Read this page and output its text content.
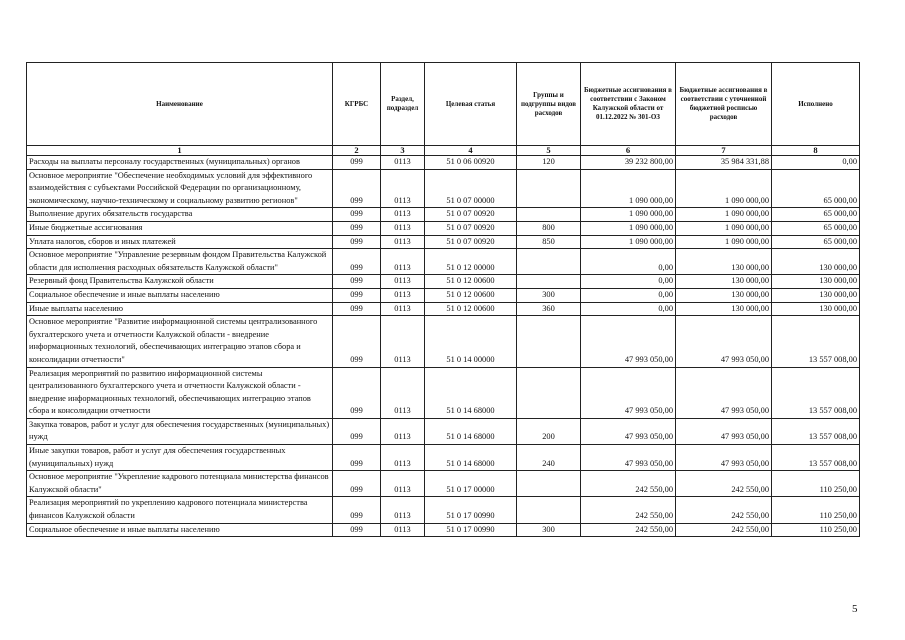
Наименование	КГРБС	Раздел, подраздел	Целевая статья	Группы и подгруппы видов расходов	Бюджетные ассигнования в соответствии с Законом Калужской области от 01.12.2022 № 301-ОЗ	Бюджетные ассигнования в соответствии с уточненной бюджетной росписью расходов	Исполнено
1	2	3	4	5	6	7	8
Расходы на выплаты персоналу государственных (муниципальных) органов	099	0113	51 0 06 00920	120	39 232 800,00	35 984 331,88	0,00
Основное мероприятие "Обеспечение необходимых условий для эффективного взаимодействия с субъектами Российской Федерации по организационному, экономическому, научно-техническому и социальному развитию регионов"	099	0113	51 0 07 00000		1 090 000,00	1 090 000,00	65 000,00
Выполнение других обязательств государства	099	0113	51 0 07 00920		1 090 000,00	1 090 000,00	65 000,00
Иные бюджетные ассигнования	099	0113	51 0 07 00920	800	1 090 000,00	1 090 000,00	65 000,00
Уплата налогов, сборов и иных платежей	099	0113	51 0 07 00920	850	1 090 000,00	1 090 000,00	65 000,00
Основное мероприятие "Управление резервным фондом Правительства Калужской области для исполнения расходных обязательств Калужской области"	099	0113	51 0 12 00000		0,00	130 000,00	130 000,00
Резервный фонд Правительства Калужской области	099	0113	51 0 12 00600		0,00	130 000,00	130 000,00
Социальное обеспечение и иные выплаты населению	099	0113	51 0 12 00600	300	0,00	130 000,00	130 000,00
Иные выплаты населению	099	0113	51 0 12 00600	360	0,00	130 000,00	130 000,00
Основное мероприятие "Развитие информационной системы централизованного бухгалтерского учета и отчетности Калужской области - внедрение информационных технологий, обеспечивающих интеграцию этапов сбора и консолидации отчетности"	099	0113	51 0 14 00000		47 993 050,00	47 993 050,00	13 557 008,00
Реализация мероприятий по развитию информационной системы централизованного бухгалтерского учета и отчетности Калужской области - внедрение информационных технологий, обеспечивающих интеграцию этапов сбора и консолидации отчетности	099	0113	51 0 14 68000		47 993 050,00	47 993 050,00	13 557 008,00
Закупка товаров, работ и услуг для обеспечения государственных (муниципальных) нужд	099	0113	51 0 14 68000	200	47 993 050,00	47 993 050,00	13 557 008,00
Иные закупки товаров, работ и услуг для обеспечения государственных (муниципальных) нужд	099	0113	51 0 14 68000	240	47 993 050,00	47 993 050,00	13 557 008,00
Основное мероприятие "Укрепление кадрового потенциала министерства финансов Калужской области"	099	0113	51 0 17 00000		242 550,00	242 550,00	110 250,00
Реализация мероприятий по укреплению кадрового потенциала министерства финансов Калужской области	099	0113	51 0 17 00990		242 550,00	242 550,00	110 250,00
Социальное обеспечение и иные выплаты населению	099	0113	51 0 17 00990	300	242 550,00	242 550,00	110 250,00
5
